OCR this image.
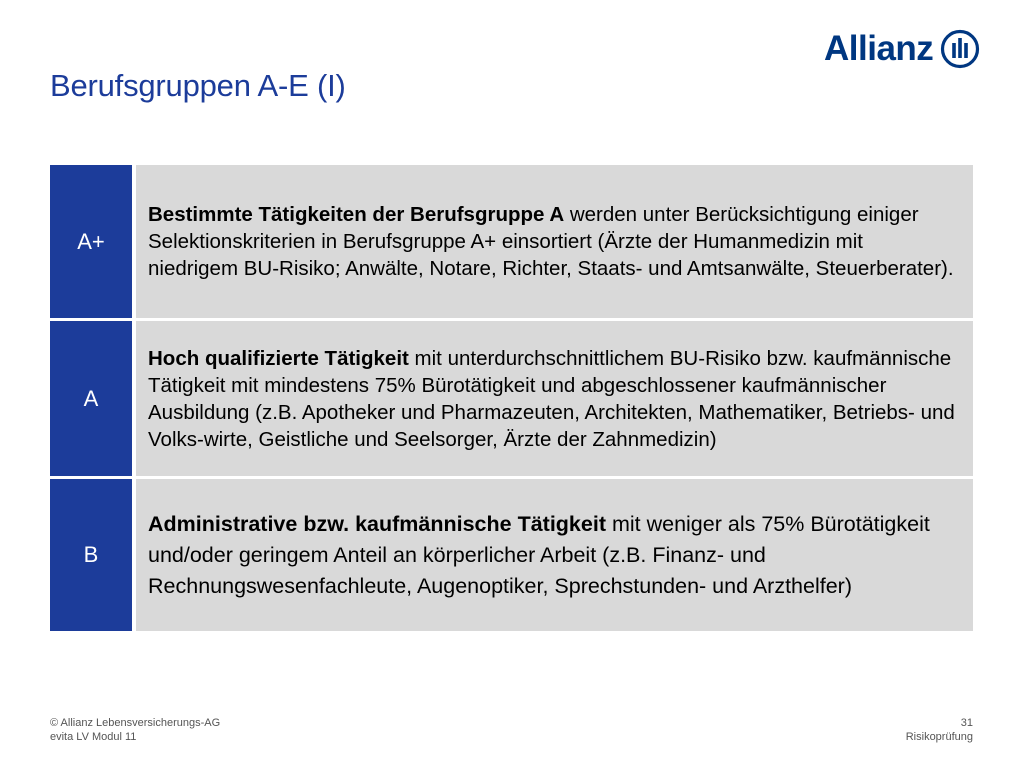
Berufsgruppen A-E (I)
Allianz
A+

Bestimmte Tätigkeiten der Berufsgruppe A werden unter Berücksichtigung einiger Selektionskriterien in Berufsgruppe A+ einsortiert (Ärzte der Humanmedizin mit niedrigem BU-Risiko; Anwälte, Notare, Richter, Staats- und Amtsanwälte, Steuerberater).

A

Hoch qualifizierte Tätigkeit mit unterdurchschnittlichem BU-Risiko bzw. kaufmännische Tätigkeit mit mindestens 75% Bürotätigkeit und abgeschlossener kaufmännischer Ausbildung (z.B. Apotheker und Pharmazeuten, Architekten, Mathematiker, Betriebs- und Volks-wirte, Geistliche und Seelsorger, Ärzte der Zahnmedizin)

B

Administrative bzw. kaufmännische Tätigkeit mit weniger als 75% Bürotätigkeit und/oder geringem Anteil an körperlicher Arbeit (z.B. Finanz- und Rechnungswesenfachleute, Augenoptiker, Sprechstunden- und Arzthelfer)

© Allianz Lebensversicherungs-AG
evita LV Modul 11
31
Risikoprüfung
